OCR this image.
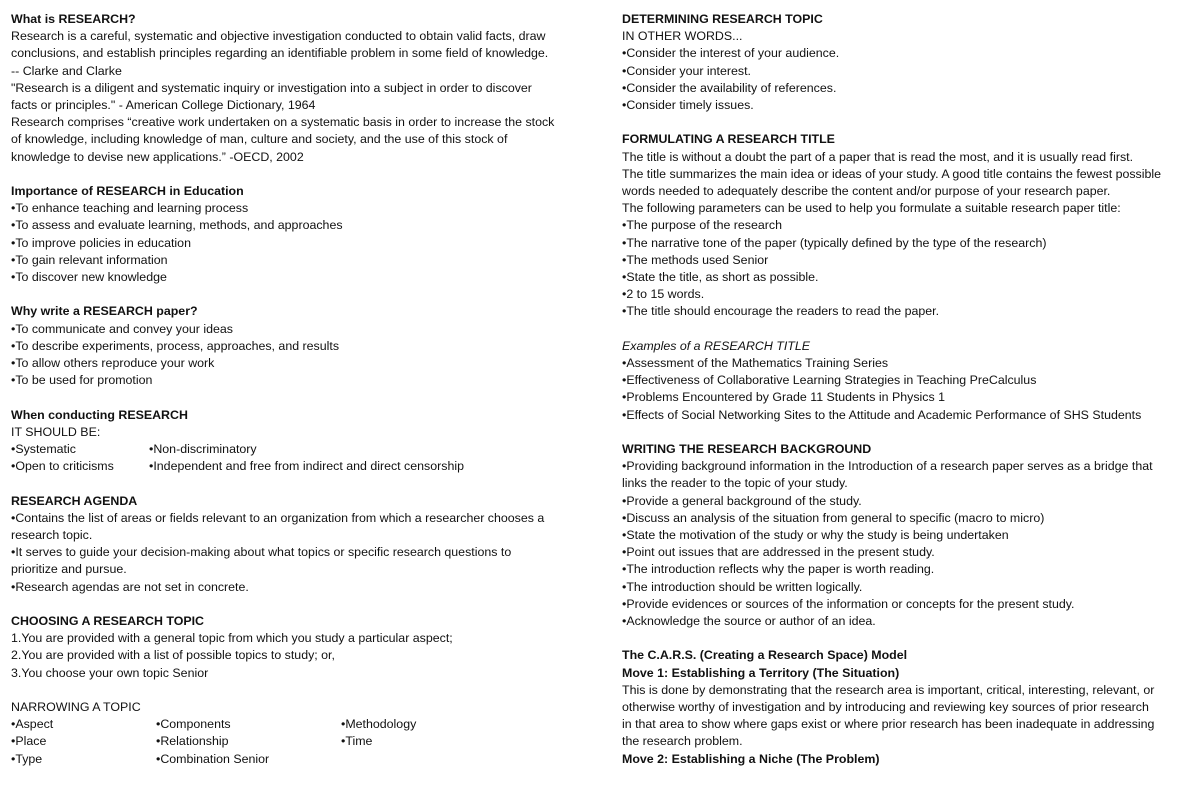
What is RESEARCH?
Research is a careful, systematic and objective investigation conducted to obtain valid facts, draw
conclusions, and establish principles regarding an identifiable problem in some field of knowledge.
-- Clarke and Clarke
"Research is a diligent and systematic inquiry or investigation into a subject in order to discover
facts or principles." - American College Dictionary, 1964
Research comprises “creative work undertaken on a systematic basis in order to increase the stock
of knowledge, including knowledge of man, culture and society, and the use of this stock of
knowledge to devise new applications.” -OECD, 2002
Importance of RESEARCH in Education
•To enhance teaching and learning process
•To assess and evaluate learning, methods, and approaches
•To improve policies in education
•To gain relevant information
•To discover new knowledge
Why write a RESEARCH paper?
•To communicate and convey your ideas
•To describe experiments, process, approaches, and results
•To allow others reproduce your work
•To be used for promotion
When conducting RESEARCH
IT SHOULD BE:
•Systematic	•Non-discriminatory
•Open to criticisms	•Independent and free from indirect and direct censorship
RESEARCH AGENDA
•Contains the list of areas or fields relevant to an organization from which a researcher chooses a
research topic.
•It serves to guide your decision-making about what topics or specific research questions to
prioritize and pursue.
•Research agendas are not set in concrete.
CHOOSING A RESEARCH TOPIC
1.You are provided with a general topic from which you study a particular aspect;
2.You are provided with a list of possible topics to study; or,
3.You choose your own topic Senior
NARROWING A TOPIC
•Aspect	•Components	•Methodology
•Place	•Relationship	•Time
•Type	•Combination Senior
DETERMINING RESEARCH TOPIC
IN OTHER WORDS...
•Consider the interest of your audience.
•Consider your interest.
•Consider the availability of references.
•Consider timely issues.
FORMULATING A RESEARCH TITLE
The title is without a doubt the part of a paper that is read the most, and it is usually read first.
The title summarizes the main idea or ideas of your study. A good title contains the fewest possible
words needed to adequately describe the content and/or purpose of your research paper.
The following parameters can be used to help you formulate a suitable research paper title:
•The purpose of the research
•The narrative tone of the paper (typically defined by the type of the research)
•The methods used Senior
•State the title, as short as possible.
•2 to 15 words.
•The title should encourage the readers to read the paper.
Examples of a RESEARCH TITLE
•Assessment of the Mathematics Training Series
•Effectiveness of Collaborative Learning Strategies in Teaching PreCalculus
•Problems Encountered by Grade 11 Students in Physics 1
•Effects of Social Networking Sites to the Attitude and Academic Performance of SHS Students
WRITING THE RESEARCH BACKGROUND
•Providing background information in the Introduction of a research paper serves as a bridge that
links the reader to the topic of your study.
•Provide a general background of the study.
•Discuss an analysis of the situation from general to specific (macro to micro)
•State the motivation of the study or why the study is being undertaken
•Point out issues that are addressed in the present study.
•The introduction reflects why the paper is worth reading.
•The introduction should be written logically.
•Provide evidences or sources of the information or concepts for the present study.
•Acknowledge the source or author of an idea.
The C.A.R.S. (Creating a Research Space) Model
Move 1: Establishing a Territory (The Situation)
This is done by demonstrating that the research area is important, critical, interesting, relevant, or
otherwise worthy of investigation and by introducing and reviewing key sources of prior research
in that area to show where gaps exist or where prior research has been inadequate in addressing
the research problem.
Move 2: Establishing a Niche (The Problem)
